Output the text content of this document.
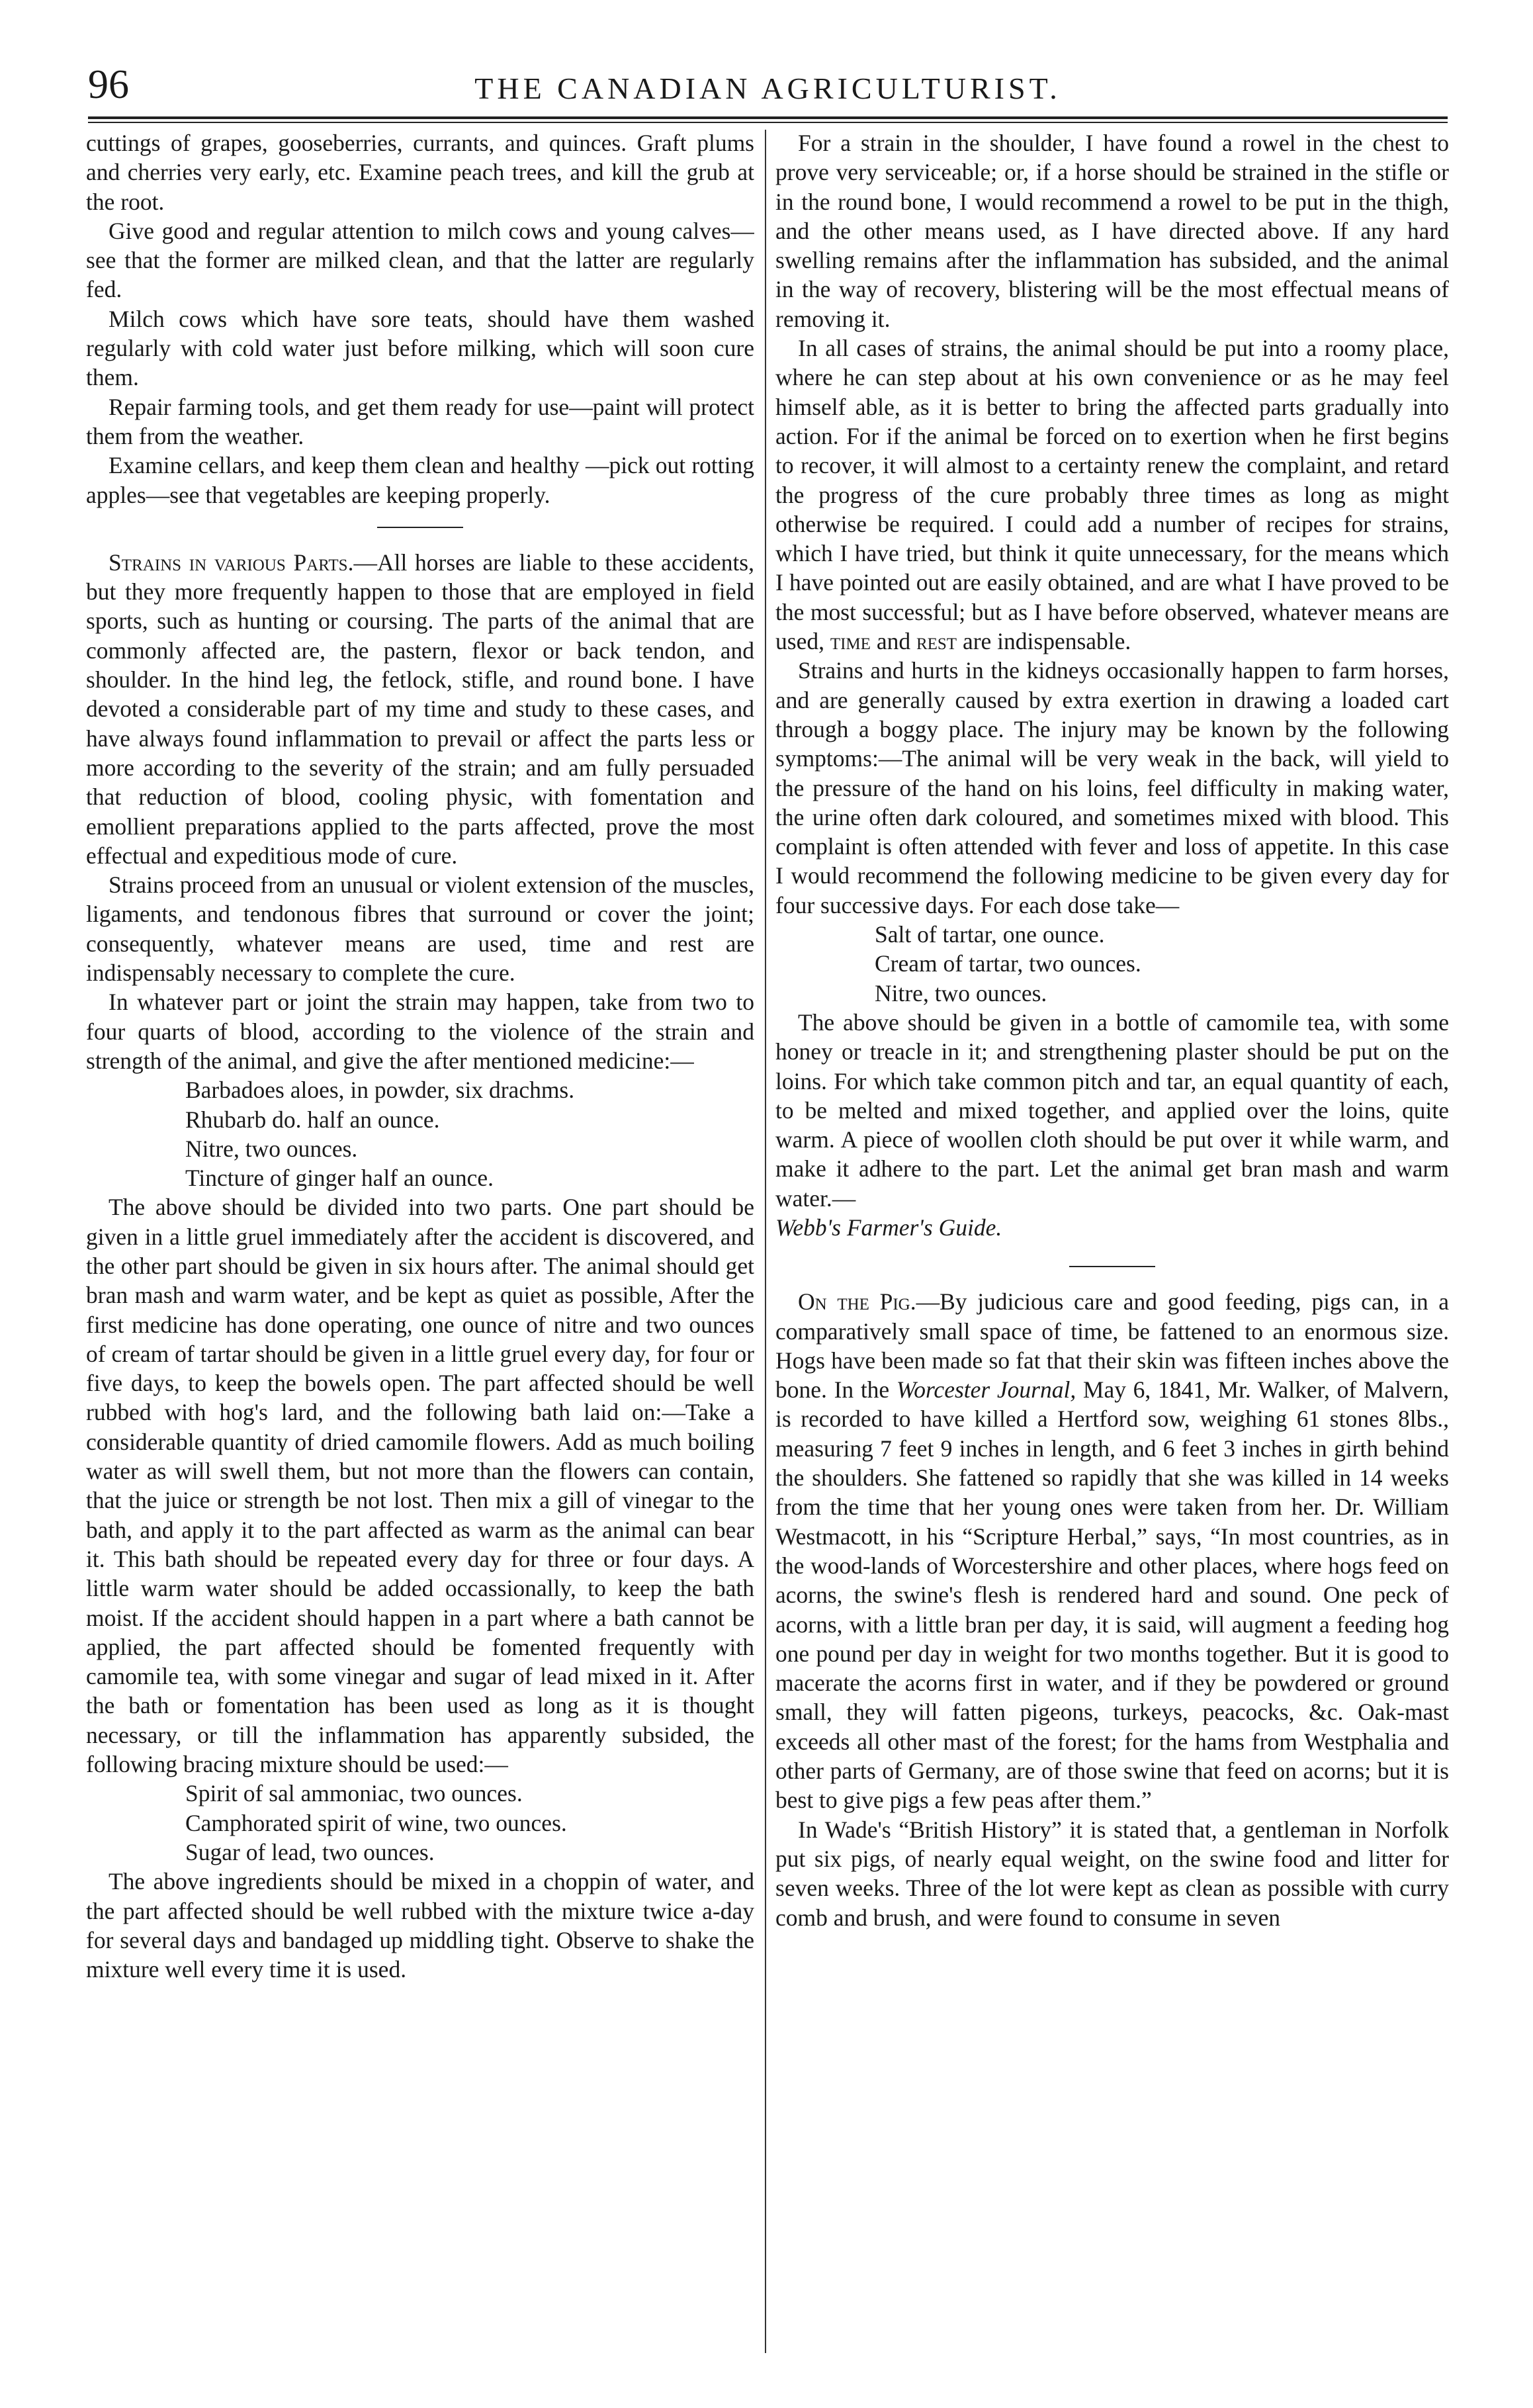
96	THE CANADIAN AGRICULTURIST.

cuttings of grapes, gooseberries, currants, and quinces. Graft plums and cherries very early, etc. Examine peach trees, and kill the grub at the root.

Give good and regular attention to milch cows and young calves—see that the former are milked clean, and that the latter are regularly fed.

Milch cows which have sore teats, should have them washed regularly with cold water just before milking, which will soon cure them.

Repair farming tools, and get them ready for use—paint will protect them from the weather.

Examine cellars, and keep them clean and healthy —pick out rotting apples—see that vegetables are keeping properly.

Strains in various Parts.—All horses are liable to these accidents, but they more frequently happen to those that are employed in field sports, such as hunting or coursing. The parts of the animal that are commonly affected are, the pastern, flexor or back tendon, and shoulder. In the hind leg, the fetlock, stifle, and round bone. I have devoted a considerable part of my time and study to these cases, and have always found inflammation to prevail or affect the parts less or more according to the severity of the strain; and am fully persuaded that reduction of blood, cooling physic, with fomentation and emollient preparations applied to the parts affected, prove the most effectual and expeditious mode of cure.

Strains proceed from an unusual or violent extension of the muscles, ligaments, and tendonous fibres that surround or cover the joint; consequently, whatever means are used, time and rest are indispensably necessary to complete the cure.

In whatever part or joint the strain may happen, take from two to four quarts of blood, according to the violence of the strain and strength of the animal, and give the after mentioned medicine:—

Barbadoes aloes, in powder, six drachms.

Rhubarb do. half an ounce.

Nitre, two ounces.

Tincture of ginger half an ounce.

The above should be divided into two parts. One part should be given in a little gruel immediately after the accident is discovered, and the other part should be given in six hours after. The animal should get bran mash and warm water, and be kept as quiet as possible, After the first medicine has done operating, one ounce of nitre and two ounces of cream of tartar should be given in a little gruel every day, for four or five days, to keep the bowels open. The part affected should be well rubbed with hog's lard, and the following bath laid on:—Take a considerable quantity of dried camomile flowers. Add as much boiling water as will swell them, but not more than the flowers can contain, that the juice or strength be not lost. Then mix a gill of vinegar to the bath, and apply it to the part affected as warm as the animal can bear it. This bath should be repeated every day for three or four days. A little warm water should be added occassionally, to keep the bath moist. If the accident should happen in a part where a bath cannot be applied, the part affected should be fomented frequently with camomile tea, with some vinegar and sugar of lead mixed in it. After the bath or fomentation has been used as long as it is thought necessary, or till the inflammation has apparently subsided, the following bracing mixture should be used:—

Spirit of sal ammoniac, two ounces.

Camphorated spirit of wine, two ounces.

Sugar of lead, two ounces.

The above ingredients should be mixed in a choppin of water, and the part affected should be well rubbed with the mixture twice a-day for several days and bandaged up middling tight. Observe to shake the mixture well every time it is used.

For a strain in the shoulder, I have found a rowel in the chest to prove very serviceable; or, if a horse should be strained in the stifle or in the round bone, I would recommend a rowel to be put in the thigh, and the other means used, as I have directed above. If any hard swelling remains after the inflammation has subsided, and the animal in the way of recovery, blistering will be the most effectual means of removing it.

In all cases of strains, the animal should be put into a roomy place, where he can step about at his own convenience or as he may feel himself able, as it is better to bring the affected parts gradually into action. For if the animal be forced on to exertion when he first begins to recover, it will almost to a certainty renew the complaint, and retard the progress of the cure probably three times as long as might otherwise be required. I could add a number of recipes for strains, which I have tried, but think it quite unnecessary, for the means which I have pointed out are easily obtained, and are what I have proved to be the most successful; but as I have before observed, whatever means are used, time and rest are indispensable.

Strains and hurts in the kidneys occasionally happen to farm horses, and are generally caused by extra exertion in drawing a loaded cart through a boggy place. The injury may be known by the following symptoms:—The animal will be very weak in the back, will yield to the pressure of the hand on his loins, feel difficulty in making water, the urine often dark coloured, and sometimes mixed with blood. This complaint is often attended with fever and loss of appetite. In this case I would recommend the following medicine to be given every day for four successive days. For each dose take—

Salt of tartar, one ounce.

Cream of tartar, two ounces.

Nitre, two ounces.

The above should be given in a bottle of camomile tea, with some honey or treacle in it; and strengthening plaster should be put on the loins. For which take common pitch and tar, an equal quantity of each, to be melted and mixed together, and applied over the loins, quite warm. A piece of woollen cloth should be put over it while warm, and make it adhere to the part. Let the animal get bran mash and warm water.—
Webb's Farmer's Guide.

On the Pig.—By judicious care and good feeding, pigs can, in a comparatively small space of time, be fattened to an enormous size. Hogs have been made so fat that their skin was fifteen inches above the bone. In the Worcester Journal, May 6, 1841, Mr. Walker, of Malvern, is recorded to have killed a Hertford sow, weighing 61 stones 8lbs., measuring 7 feet 9 inches in length, and 6 feet 3 inches in girth behind the shoulders. She fattened so rapidly that she was killed in 14 weeks from the time that her young ones were taken from her. Dr. William Westmacott, in his “Scripture Herbal,” says, “In most countries, as in the wood-lands of Worcestershire and other places, where hogs feed on acorns, the swine's flesh is rendered hard and sound. One peck of acorns, with a little bran per day, it is said, will augment a feeding hog one pound per day in weight for two months together. But it is good to macerate the acorns first in water, and if they be powdered or ground small, they will fatten pigeons, turkeys, peacocks, &c. Oak-mast exceeds all other mast of the forest; for the hams from Westphalia and other parts of Germany, are of those swine that feed on acorns; but it is best to give pigs a few peas after them.”

In Wade's “British History” it is stated that, a gentleman in Norfolk put six pigs, of nearly equal weight, on the swine food and litter for seven weeks. Three of the lot were kept as clean as possible with curry comb and brush, and were found to consume in seven
